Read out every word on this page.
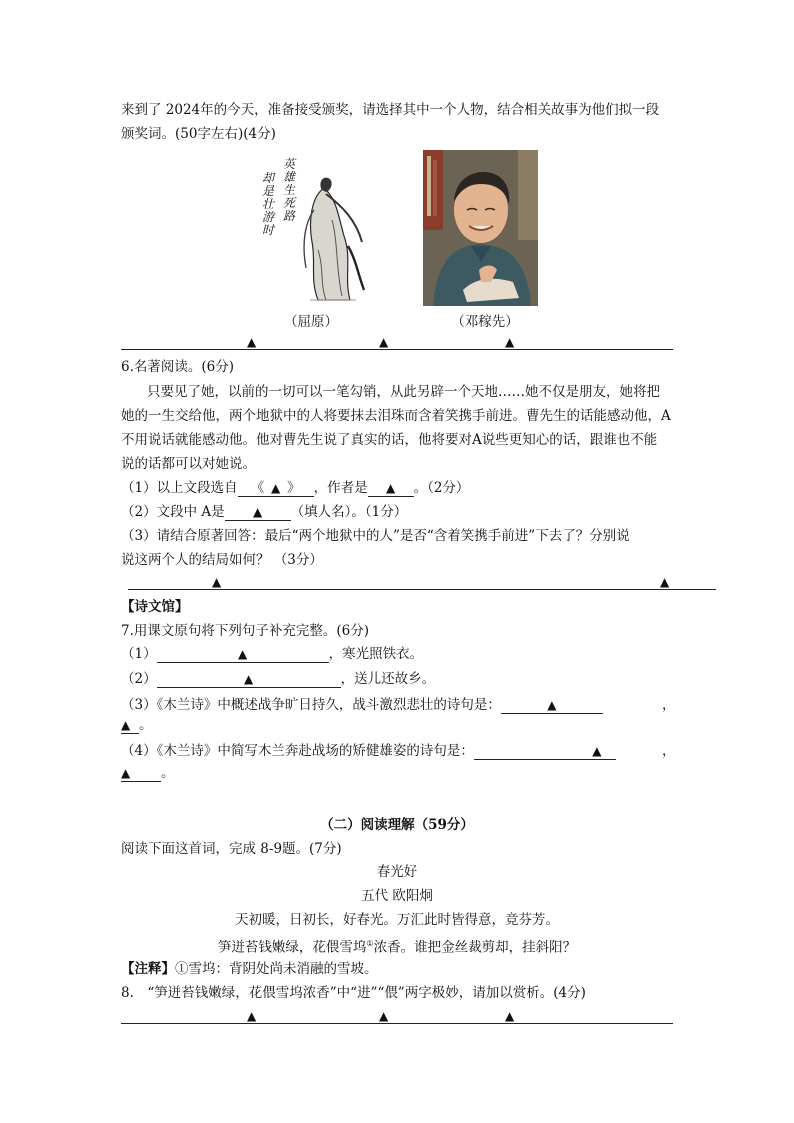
来到了 2024年的今天，准备接受颁奖，请选择其中一个人物，结合相关故事为他们拟一段
颁奖词。(50字左右)(4分)
英雄生死路
却是壮游时
（屈原）	（邓稼先）
▲	▲	▲
6.名著阅读。(6分)
只要见了她，以前的一切可以一笔勾销，从此另辟一个天地……她不仅是朋友，她将把
她的一生交给他，两个地狱中的人将要抹去泪珠而含着笑携手前进。曹先生的话能感动他，A
不用说话就能感动他。他对曹先生说了真实的话，他将要对A说些更知心的话，跟谁也不能
说的话都可以对她说。
（1）以上文段选自 《  ▲  》 ，作者是 ▲ 。（2分）
（2）文段中 A是 ▲ （填人名）。（1分）
（3）请结合原著回答：最后“两个地狱中的人”是否“含着笑携手前进”下去了？分别说
说这两个人的结局如何？ （3分）
▲	▲
【诗文馆】
7.用课文原句将下列句子补充完整。(6分)
（1）	▲	，寒光照铁衣。
（2）	▲	，送儿还故乡。
（3）《木兰诗》中概述战争旷日持久，战斗激烈悲壮的诗句是：	▲	，
▲ 。
（4）《木兰诗》中简写木兰奔赴战场的矫健雄姿的诗句是：	▲	，
▲ 。
（二）阅读理解（59分）
阅读下面这首词，完成 8-9题。(7分)
春光好
五代 欧阳炯
天初暖，日初长，好春光。万汇此时皆得意，竞芬芳。
笋迸苔钱嫩绿，花偎雪坞①浓香。谁把金丝裁剪却，挂斜阳？
【注释】①雪坞：背阴处尚未消融的雪坡。
8.　“笋迸苔钱嫩绿，花偎雪坞浓香”中“进”“偎”两字极妙，请加以赏析。(4分)
▲	▲	▲
